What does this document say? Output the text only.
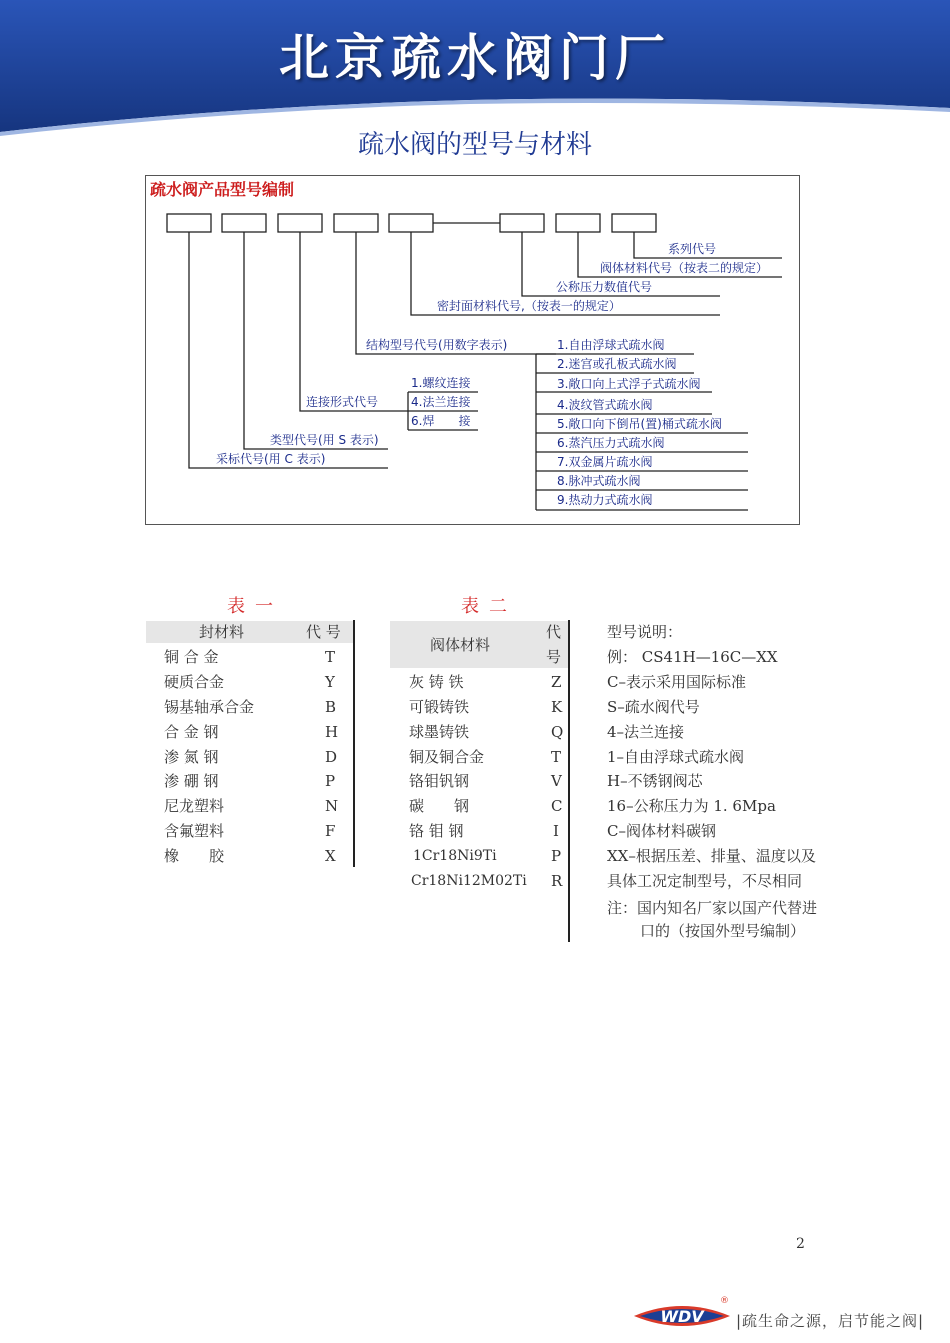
北京疏水阀门厂
疏水阀的型号与材料
疏水阀产品型号编制
系列代号
阀体材料代号（按表二的规定）
公称压力数值代号
密封面材料代号,（按表一的规定）
结构型号代号(用数字表示)
连接形式代号
类型代号(用 S 表示)
采标代号(用 C 表示)
1.螺纹连接
4.法兰连接
6.焊　　接
1.自由浮球式疏水阀
2.迷宫或孔板式疏水阀
3.敞口向上式浮子式疏水阀
4.波纹管式疏水阀
5.敞口向下倒吊(置)桶式疏水阀
6.蒸汽压力式疏水阀
7.双金属片疏水阀
8.脉冲式疏水阀
9.热动力式疏水阀
表一	表二
封材料	代 号
铜 合 金	T
硬质合金	Y
锡基轴承合金	B
合 金 钢	H
渗 氮 钢	D
渗 硼 钢	P
尼龙塑料	N
含氟塑料	F
橡　　胶	X
阀体材料
代
号
灰 铸 铁	Z
可锻铸铁	K
球墨铸铁	Q
铜及铜合金	T
铬钼钒钢	V
碳　　钢	C
铬 钼 钢	I
1Cr18Ni9Ti	P
Cr18Ni12M02Ti R
型号说明：
例： CS41H—16C—XX
C–表示采用国际标准
S–疏水阀代号
4–法兰连接
1–自由浮球式疏水阀
H–不锈钢阀芯
16–公称压力为 1. 6Mpa
C–阀体材料碳钢
XX–根据压差、排量、温度以及
具体工况定制型号，不尽相同
注：国内知名厂家以国产代替进
口的（按国外型号编制）
2
WDV
®
|疏生命之源，启节能之阀|
